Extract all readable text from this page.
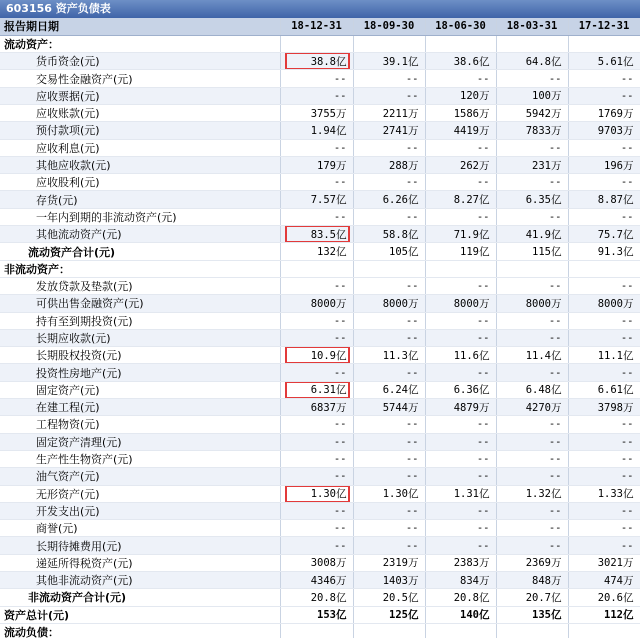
603156 资产负债表
报告期日期	18-12-31	18-09-30	18-06-30	18-03-31	17-12-31
流动资产：					
货币资金(元)	38.8亿	39.1亿	38.6亿	64.8亿	5.61亿
交易性金融资产(元)	--	--	--	--	--
应收票据(元)	--	--	120万	100万	--
应收账款(元)	3755万	2211万	1586万	5942万	1769万
预付款项(元)	1.94亿	2741万	4419万	7833万	9703万
应收利息(元)	--	--	--	--	--
其他应收款(元)	179万	288万	262万	231万	196万
应收股利(元)	--	--	--	--	--
存货(元)	7.57亿	6.26亿	8.27亿	6.35亿	8.87亿
一年内到期的非流动资产(元)	--	--	--	--	--
其他流动资产(元)	83.5亿	58.8亿	71.9亿	41.9亿	75.7亿
流动资产合计(元)	132亿	105亿	119亿	115亿	91.3亿
非流动资产：					
发放贷款及垫款(元)	--	--	--	--	--
可供出售金融资产(元)	8000万	8000万	8000万	8000万	8000万
持有至到期投资(元)	--	--	--	--	--
长期应收款(元)	--	--	--	--	--
长期股权投资(元)	10.9亿	11.3亿	11.6亿	11.4亿	11.1亿
投资性房地产(元)	--	--	--	--	--
固定资产(元)	6.31亿	6.24亿	6.36亿	6.48亿	6.61亿
在建工程(元)	6837万	5744万	4879万	4270万	3798万
工程物资(元)	--	--	--	--	--
固定资产清理(元)	--	--	--	--	--
生产性生物资产(元)	--	--	--	--	--
油气资产(元)	--	--	--	--	--
无形资产(元)	1.30亿	1.30亿	1.31亿	1.32亿	1.33亿
开发支出(元)	--	--	--	--	--
商誉(元)	--	--	--	--	--
长期待摊费用(元)	--	--	--	--	--
递延所得税资产(元)	3008万	2319万	2383万	2369万	3021万
其他非流动资产(元)	4346万	1403万	834万	848万	474万
非流动资产合计(元)	20.8亿	20.5亿	20.8亿	20.7亿	20.6亿
资产总计(元)	153亿	125亿	140亿	135亿	112亿
流动负债：					
